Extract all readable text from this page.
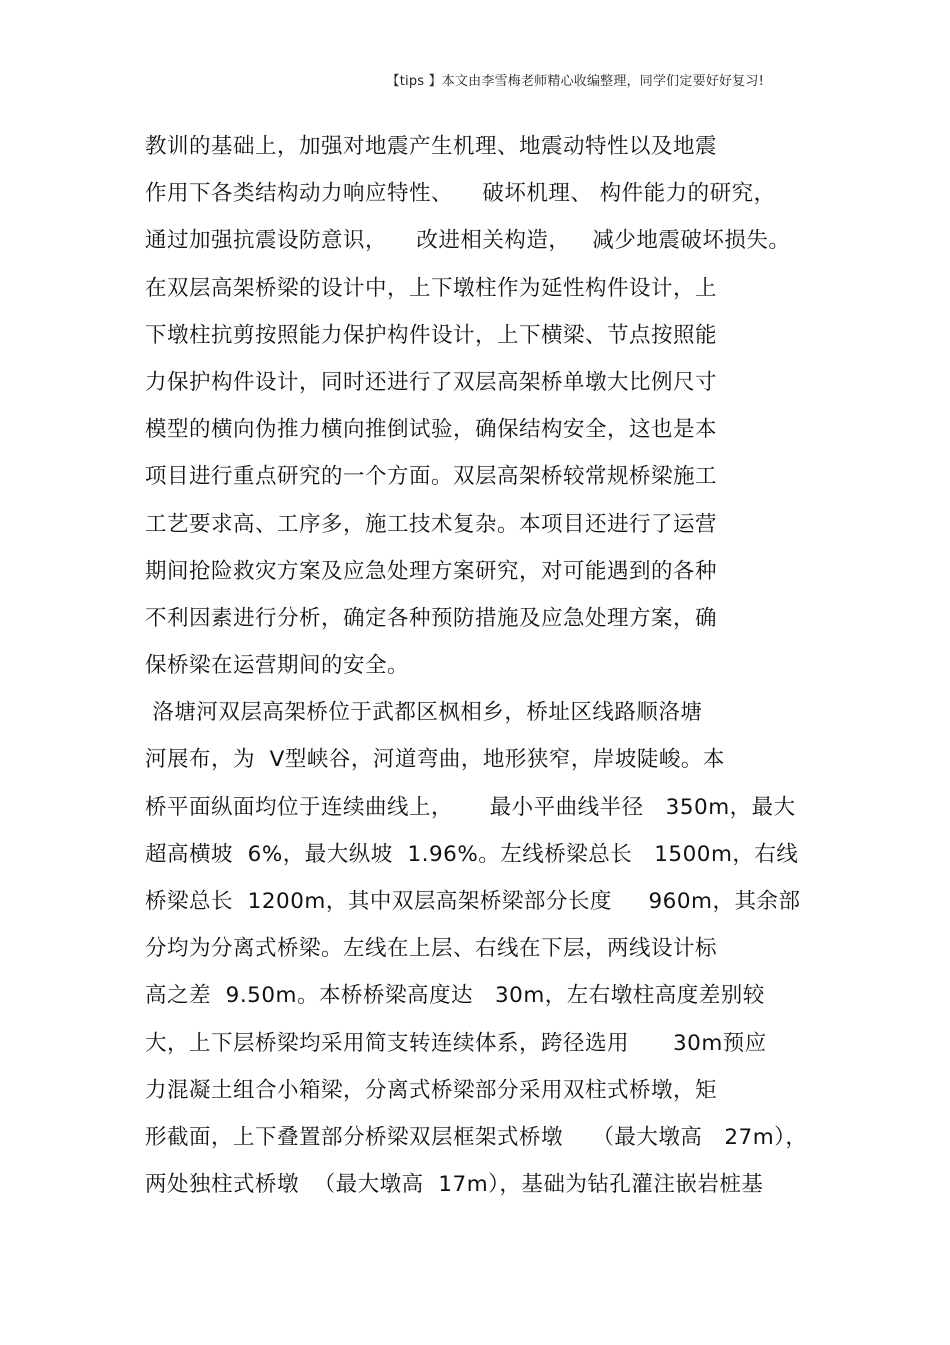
【tips 】本文由李雪梅老师精心收编整理，同学们定要好好复习!
教训的基础上，加强对地震产生机理、地震动特性以及地震
作用下各类结构动力响应特性、    破坏机理、 构件能力的研究，
通过加强抗震设防意识，    改进相关构造，   减少地震破坏损失。
在双层高架桥梁的设计中，上下墩柱作为延性构件设计，上
下墩柱抗剪按照能力保护构件设计，上下横梁、节点按照能
力保护构件设计，同时还进行了双层高架桥单墩大比例尺寸
模型的横向伪推力横向推倒试验，确保结构安全，这也是本
项目进行重点研究的一个方面。双层高架桥较常规桥梁施工
工艺要求高、工序多，施工技术复杂。本项目还进行了运营
期间抢险救灾方案及应急处理方案研究，对可能遇到的各种
不利因素进行分析，确定各种预防措施及应急处理方案，确
保桥梁在运营期间的安全。
洛塘河双层高架桥位于武都区枫相乡，桥址区线路顺洛塘
河展布，为  V型峡谷，河道弯曲，地形狭窄，岸坡陡峻。本
桥平面纵面均位于连续曲线上，     最小平曲线半径   350m，最大
超高横坡  6%，最大纵坡  1.96%。左线桥梁总长   1500m，右线
桥梁总长  1200m，其中双层高架桥梁部分长度     960m，其余部
分均为分离式桥梁。左线在上层、右线在下层，两线设计标
高之差  9.50m。本桥桥梁高度达   30m，左右墩柱高度差别较
大，上下层桥梁均采用简支转连续体系，跨径选用      30m预应
力混凝土组合小箱梁，分离式桥梁部分采用双柱式桥墩，矩
形截面，上下叠置部分桥梁双层框架式桥墩    （最大墩高   27m），
两处独柱式桥墩  （最大墩高  17m），基础为钻孔灌注嵌岩桩基
